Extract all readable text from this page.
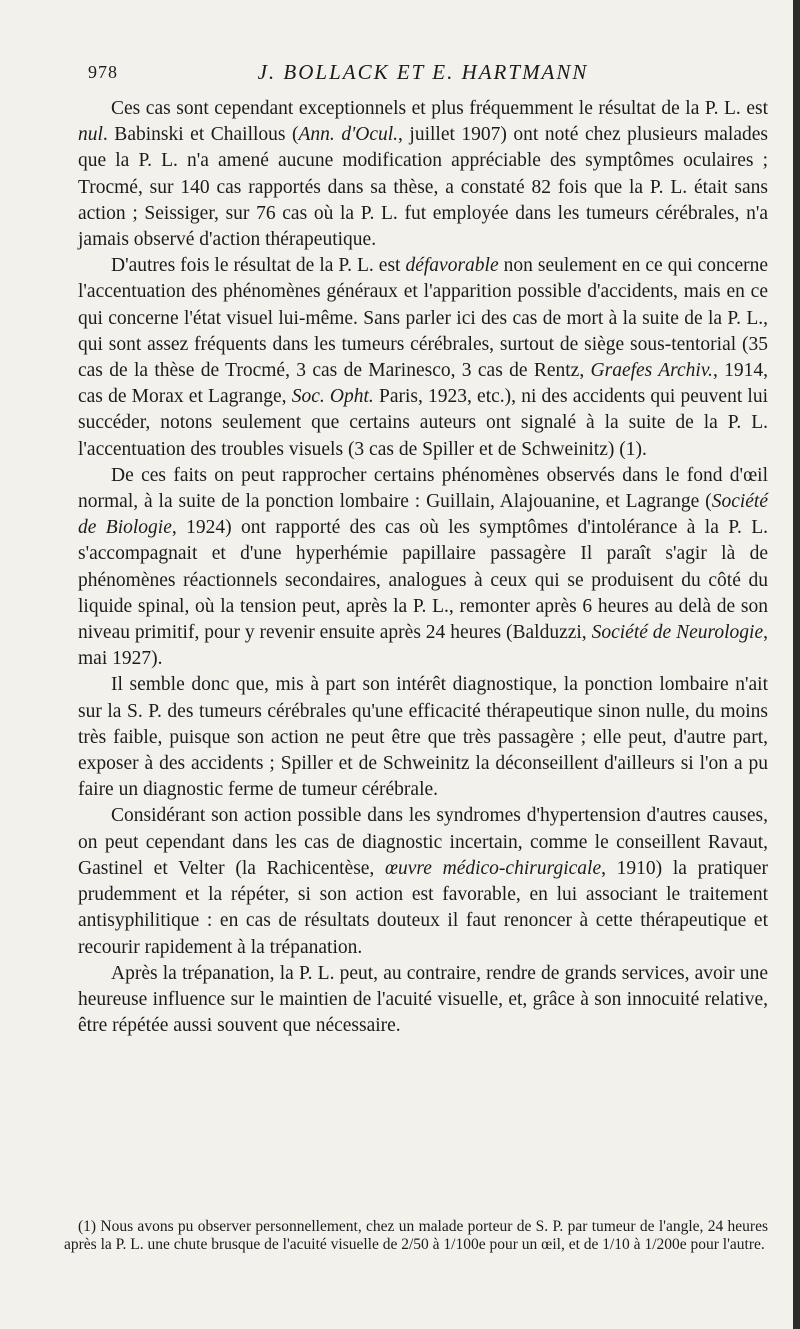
978	J. BOLLACK ET E. HARTMANN

Ces cas sont cependant exceptionnels et plus fréquemment le résultat de la P. L. est nul. Babinski et Chaillous (Ann. d'Ocul., juillet 1907) ont noté chez plusieurs malades que la P. L. n'a amené aucune modification appréciable des symptômes oculaires ; Trocmé, sur 140 cas rapportés dans sa thèse, a constaté 82 fois que la P. L. était sans action ; Seissiger, sur 76 cas où la P. L. fut employée dans les tumeurs cérébrales, n'a jamais observé d'action thérapeutique.

D'autres fois le résultat de la P. L. est défavorable non seulement en ce qui concerne l'accentuation des phénomènes généraux et l'apparition possible d'accidents, mais en ce qui concerne l'état visuel lui-même. Sans parler ici des cas de mort à la suite de la P. L., qui sont assez fréquents dans les tumeurs cérébrales, surtout de siège sous-tentorial (35 cas de la thèse de Trocmé, 3 cas de Marinesco, 3 cas de Rentz, Graefes Archiv., 1914, cas de Morax et Lagrange, Soc. Opht. Paris, 1923, etc.), ni des accidents qui peuvent lui succéder, notons seulement que certains auteurs ont signalé à la suite de la P. L. l'accentuation des troubles visuels (3 cas de Spiller et de Schweinitz) (1).

De ces faits on peut rapprocher certains phénomènes observés dans le fond d'œil normal, à la suite de la ponction lombaire : Guillain, Alajouanine, et Lagrange (Société de Biologie, 1924) ont rapporté des cas où les symptômes d'intolérance à la P. L. s'accompagnait et d'une hyperhémie papillaire passagère Il paraît s'agir là de phénomènes réactionnels secondaires, analogues à ceux qui se produisent du côté du liquide spinal, où la tension peut, après la P. L., remonter après 6 heures au delà de son niveau primitif, pour y revenir ensuite après 24 heures (Balduzzi, Société de Neurologie, mai 1927).

Il semble donc que, mis à part son intérêt diagnostique, la ponction lombaire n'ait sur la S. P. des tumeurs cérébrales qu'une efficacité thérapeutique sinon nulle, du moins très faible, puisque son action ne peut être que très passagère ; elle peut, d'autre part, exposer à des accidents ; Spiller et de Schweinitz la déconseillent d'ailleurs si l'on a pu faire un diagnostic ferme de tumeur cérébrale.

Considérant son action possible dans les syndromes d'hypertension d'autres causes, on peut cependant dans les cas de diagnostic incertain, comme le conseillent Ravaut, Gastinel et Velter (la Rachicentèse, œuvre médico-chirurgicale, 1910) la pratiquer prudemment et la répéter, si son action est favorable, en lui associant le traitement antisyphilitique : en cas de résultats douteux il faut renoncer à cette thérapeutique et recourir rapidement à la trépanation.

Après la trépanation, la P. L. peut, au contraire, rendre de grands services, avoir une heureuse influence sur le maintien de l'acuité visuelle, et, grâce à son innocuité relative, être répétée aussi souvent que nécessaire.

(1) Nous avons pu observer personnellement, chez un malade porteur de S. P. par tumeur de l'angle, 24 heures après la P. L. une chute brusque de l'acuité visuelle de 2/50 à 1/100e pour un œil, et de 1/10 à 1/200e pour l'autre.
